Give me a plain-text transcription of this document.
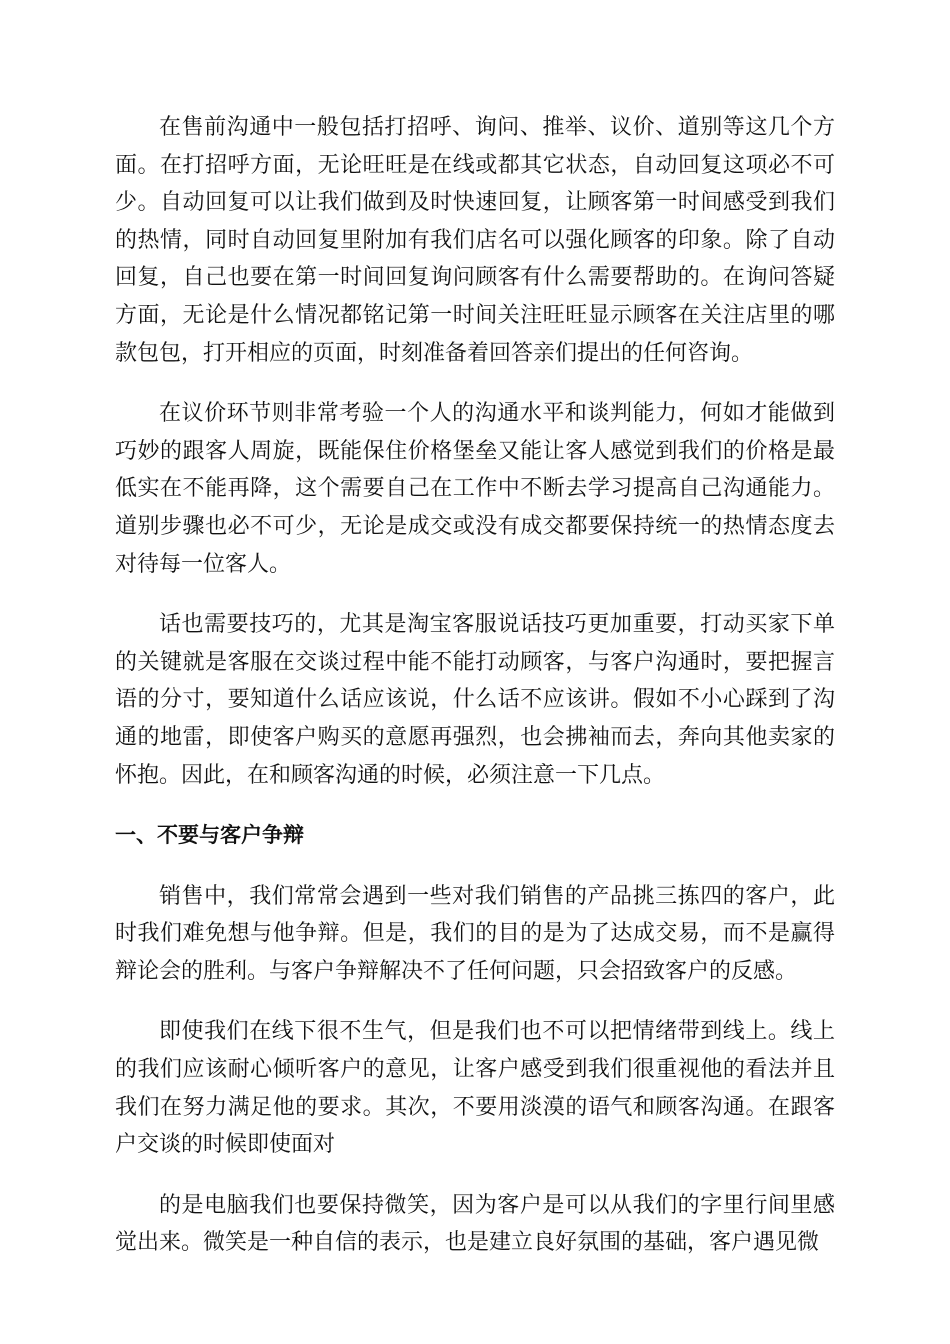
在售前沟通中一般包括打招呼、询问、推举、议价、道别等这几个方面。在打招呼方面，无论旺旺是在线或都其它状态，自动回复这项必不可少。自动回复可以让我们做到及时快速回复，让顾客第一时间感受到我们的热情，同时自动回复里附加有我们店名可以强化顾客的印象。除了自动回复，自己也要在第一时间回复询问顾客有什么需要帮助的。在询问答疑方面，无论是什么情况都铭记第一时间关注旺旺显示顾客在关注店里的哪款包包，打开相应的页面，时刻准备着回答亲们提出的任何咨询。

在议价环节则非常考验一个人的沟通水平和谈判能力，何如才能做到巧妙的跟客人周旋，既能保住价格堡垒又能让客人感觉到我们的价格是最低实在不能再降，这个需要自己在工作中不断去学习提高自己沟通能力。道别步骤也必不可少，无论是成交或没有成交都要保持统一的热情态度去对待每一位客人。

话也需要技巧的，尤其是淘宝客服说话技巧更加重要，打动买家下单的关键就是客服在交谈过程中能不能打动顾客，与客户沟通时，要把握言语的分寸，要知道什么话应该说，什么话不应该讲。假如不小心踩到了沟通的地雷，即使客户购买的意愿再强烈，也会拂袖而去，奔向其他卖家的怀抱。因此，在和顾客沟通的时候，必须注意一下几点。

一、不要与客户争辩

销售中，我们常常会遇到一些对我们销售的产品挑三拣四的客户，此时我们难免想与他争辩。但是，我们的目的是为了达成交易，而不是赢得辩论会的胜利。与客户争辩解决不了任何问题，只会招致客户的反感。

即使我们在线下很不生气，但是我们也不可以把情绪带到线上。线上的我们应该耐心倾听客户的意见，让客户感受到我们很重视他的看法并且我们在努力满足他的要求。其次，不要用淡漠的语气和顾客沟通。在跟客户交谈的时候即使面对

的是电脑我们也要保持微笑，因为客户是可以从我们的字里行间里感觉出来。微笑是一种自信的表示，也是建立良好氛围的基础，客户遇见微
